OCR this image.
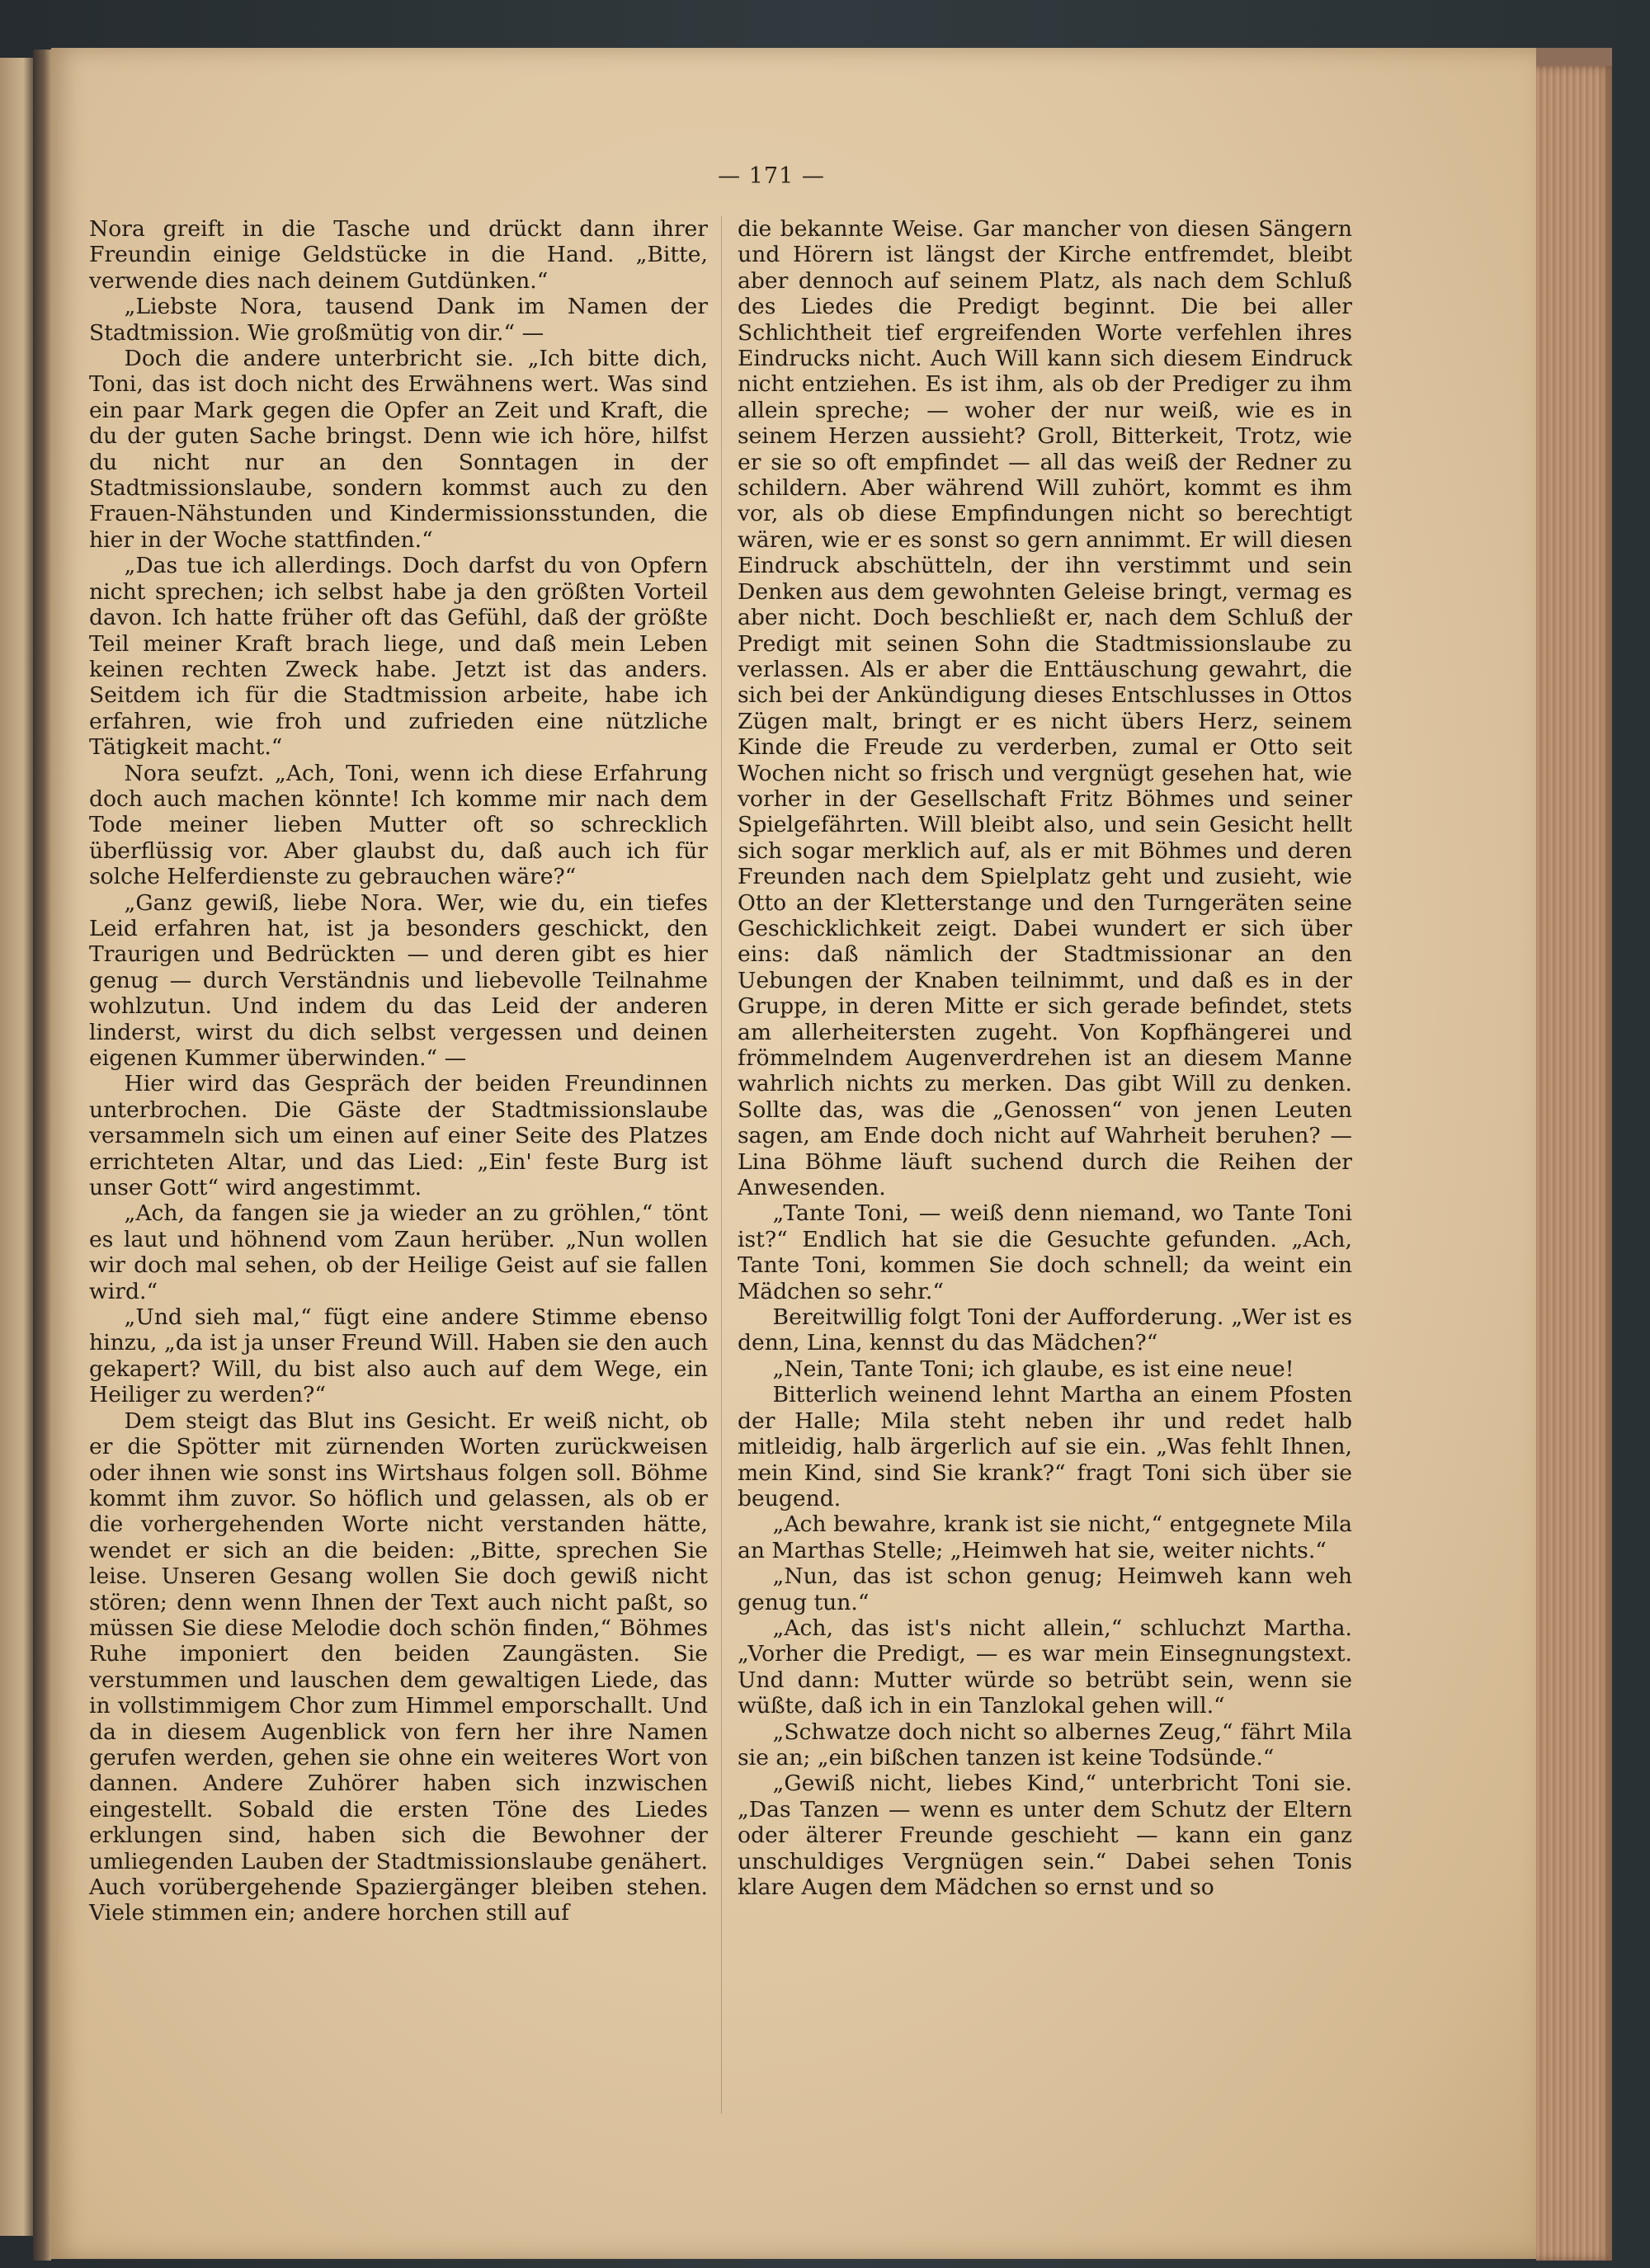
— 171 —

Nora greift in die Tasche und drückt dann ihrer Freundin einige Geldstücke in die Hand. „Bitte, verwende dies nach deinem Gutdünken.“

„Liebste Nora, tausend Dank im Namen der Stadtmission. Wie großmütig von dir.“ —

Doch die andere unterbricht sie. „Ich bitte dich, Toni, das ist doch nicht des Erwähnens wert. Was sind ein paar Mark gegen die Opfer an Zeit und Kraft, die du der guten Sache bringst. Denn wie ich höre, hilfst du nicht nur an den Sonntagen in der Stadtmissionslaube, sondern kommst auch zu den Frauen-Nähstunden und Kindermissionsstunden, die hier in der Woche stattfinden.“

„Das tue ich allerdings. Doch darfst du von Opfern nicht sprechen; ich selbst habe ja den größten Vorteil davon. Ich hatte früher oft das Gefühl, daß der größte Teil meiner Kraft brach liege, und daß mein Leben keinen rechten Zweck habe. Jetzt ist das anders. Seitdem ich für die Stadtmission arbeite, habe ich erfahren, wie froh und zufrieden eine nützliche Tätigkeit macht.“

Nora seufzt. „Ach, Toni, wenn ich diese Erfahrung doch auch machen könnte! Ich komme mir nach dem Tode meiner lieben Mutter oft so schrecklich überflüssig vor. Aber glaubst du, daß auch ich für solche Helferdienste zu gebrauchen wäre?“

„Ganz gewiß, liebe Nora. Wer, wie du, ein tiefes Leid erfahren hat, ist ja besonders geschickt, den Traurigen und Bedrückten — und deren gibt es hier genug — durch Verständnis und liebevolle Teilnahme wohlzutun. Und indem du das Leid der anderen linderst, wirst du dich selbst vergessen und deinen eigenen Kummer überwinden.“ —

Hier wird das Gespräch der beiden Freundinnen unterbrochen. Die Gäste der Stadtmissionslaube versammeln sich um einen auf einer Seite des Platzes errichteten Altar, und das Lied: „Ein' feste Burg ist unser Gott“ wird angestimmt.

„Ach, da fangen sie ja wieder an zu gröhlen,“ tönt es laut und höhnend vom Zaun herüber. „Nun wollen wir doch mal sehen, ob der Heilige Geist auf sie fallen wird.“

„Und sieh mal,“ fügt eine andere Stimme ebenso hinzu, „da ist ja unser Freund Will. Haben sie den auch gekapert? Will, du bist also auch auf dem Wege, ein Heiliger zu werden?“

Dem steigt das Blut ins Gesicht. Er weiß nicht, ob er die Spötter mit zürnenden Worten zurückweisen oder ihnen wie sonst ins Wirtshaus folgen soll. Böhme kommt ihm zuvor. So höflich und gelassen, als ob er die vorhergehenden Worte nicht verstanden hätte, wendet er sich an die beiden: „Bitte, sprechen Sie leise. Unseren Gesang wollen Sie doch gewiß nicht stören; denn wenn Ihnen der Text auch nicht paßt, so müssen Sie diese Melodie doch schön finden,“ Böhmes Ruhe imponiert den beiden Zaungästen. Sie verstummen und lauschen dem gewaltigen Liede, das in vollstimmigem Chor zum Himmel emporschallt. Und da in diesem Augenblick von fern her ihre Namen gerufen werden, gehen sie ohne ein weiteres Wort von dannen. Andere Zuhörer haben sich inzwischen eingestellt. Sobald die ersten Töne des Liedes erklungen sind, haben sich die Bewohner der umliegenden Lauben der Stadtmissionslaube genähert. Auch vorübergehende Spaziergänger bleiben stehen. Viele stimmen ein; andere horchen still auf

die bekannte Weise. Gar mancher von diesen Sängern und Hörern ist längst der Kirche entfremdet, bleibt aber dennoch auf seinem Platz, als nach dem Schluß des Liedes die Predigt beginnt. Die bei aller Schlichtheit tief ergreifenden Worte verfehlen ihres Eindrucks nicht. Auch Will kann sich diesem Eindruck nicht entziehen. Es ist ihm, als ob der Prediger zu ihm allein spreche; — woher der nur weiß, wie es in seinem Herzen aussieht? Groll, Bitterkeit, Trotz, wie er sie so oft empfindet — all das weiß der Redner zu schildern. Aber während Will zuhört, kommt es ihm vor, als ob diese Empfindungen nicht so berechtigt wären, wie er es sonst so gern annimmt. Er will diesen Eindruck abschütteln, der ihn verstimmt und sein Denken aus dem gewohnten Geleise bringt, vermag es aber nicht. Doch beschließt er, nach dem Schluß der Predigt mit seinen Sohn die Stadtmissionslaube zu verlassen. Als er aber die Enttäuschung gewahrt, die sich bei der Ankündigung dieses Entschlusses in Ottos Zügen malt, bringt er es nicht übers Herz, seinem Kinde die Freude zu verderben, zumal er Otto seit Wochen nicht so frisch und vergnügt gesehen hat, wie vorher in der Gesellschaft Fritz Böhmes und seiner Spielgefährten. Will bleibt also, und sein Gesicht hellt sich sogar merklich auf, als er mit Böhmes und deren Freunden nach dem Spielplatz geht und zusieht, wie Otto an der Kletterstange und den Turngeräten seine Geschicklichkeit zeigt. Dabei wundert er sich über eins: daß nämlich der Stadtmissionar an den Uebungen der Knaben teilnimmt, und daß es in der Gruppe, in deren Mitte er sich gerade befindet, stets am allerheitersten zugeht. Von Kopfhängerei und frömmelndem Augenverdrehen ist an diesem Manne wahrlich nichts zu merken. Das gibt Will zu denken. Sollte das, was die „Genossen“ von jenen Leuten sagen, am Ende doch nicht auf Wahrheit beruhen? — Lina Böhme läuft suchend durch die Reihen der Anwesenden.

„Tante Toni, — weiß denn niemand, wo Tante Toni ist?“ Endlich hat sie die Gesuchte gefunden. „Ach, Tante Toni, kommen Sie doch schnell; da weint ein Mädchen so sehr.“

Bereitwillig folgt Toni der Aufforderung. „Wer ist es denn, Lina, kennst du das Mädchen?“

„Nein, Tante Toni; ich glaube, es ist eine neue!

Bitterlich weinend lehnt Martha an einem Pfosten der Halle; Mila steht neben ihr und redet halb mitleidig, halb ärgerlich auf sie ein. „Was fehlt Ihnen, mein Kind, sind Sie krank?“ fragt Toni sich über sie beugend.

„Ach bewahre, krank ist sie nicht,“ entgegnete Mila an Marthas Stelle; „Heimweh hat sie, weiter nichts.“

„Nun, das ist schon genug; Heimweh kann weh genug tun.“

„Ach, das ist's nicht allein,“ schluchzt Martha. „Vorher die Predigt, — es war mein Einsegnungstext. Und dann: Mutter würde so betrübt sein, wenn sie wüßte, daß ich in ein Tanzlokal gehen will.“

„Schwatze doch nicht so albernes Zeug,“ fährt Mila sie an; „ein bißchen tanzen ist keine Todsünde.“

„Gewiß nicht, liebes Kind,“ unterbricht Toni sie. „Das Tanzen — wenn es unter dem Schutz der Eltern oder älterer Freunde geschieht — kann ein ganz unschuldiges Vergnügen sein.“ Dabei sehen Tonis klare Augen dem Mädchen so ernst und so
